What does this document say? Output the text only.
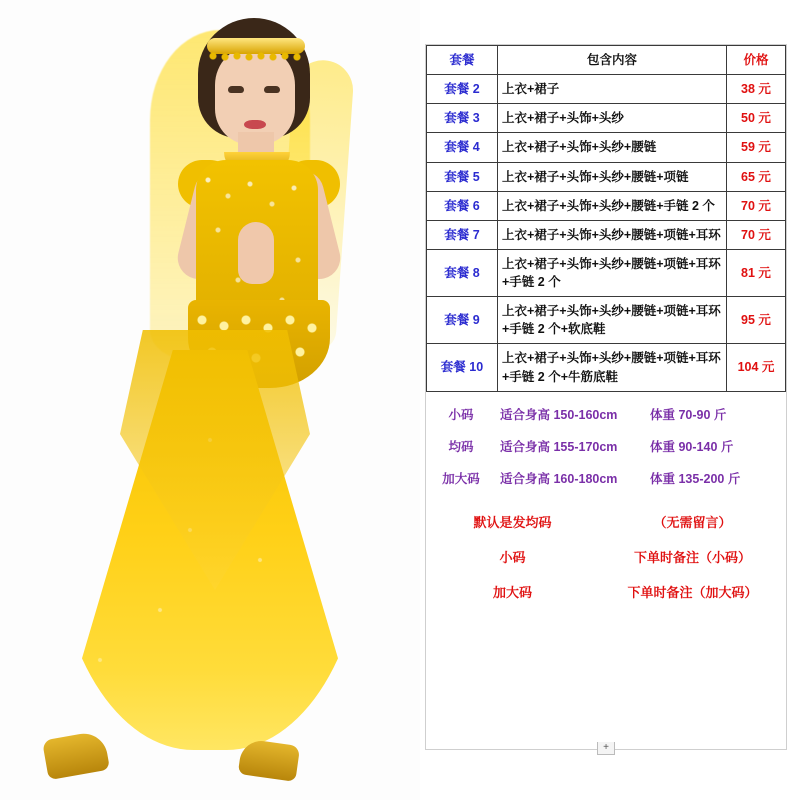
套餐	包含内容	价格
套餐 2	上衣+裙子	38 元
套餐 3	上衣+裙子+头饰+头纱	50 元
套餐 4	上衣+裙子+头饰+头纱+腰链	59 元
套餐 5	上衣+裙子+头饰+头纱+腰链+项链	65 元
套餐 6	上衣+裙子+头饰+头纱+腰链+手链 2 个	70 元
套餐 7	上衣+裙子+头饰+头纱+腰链+项链+耳环	70 元
套餐 8	上衣+裙子+头饰+头纱+腰链+项链+耳环+手链 2 个	81 元
套餐 9	上衣+裙子+头饰+头纱+腰链+项链+耳环+手链 2 个+软底鞋	95 元
套餐 10	上衣+裙子+头饰+头纱+腰链+项链+耳环+手链 2 个+牛筋底鞋	104 元
小码	适合身高 150-160cm	体重 70-90 斤
均码	适合身高 155-170cm	体重 90-140 斤
加大码	适合身高 160-180cm	体重 135-200 斤
默认是发均码	（无需留言）
小码	下单时备注（小码）
加大码	下单时备注（加大码）
+
